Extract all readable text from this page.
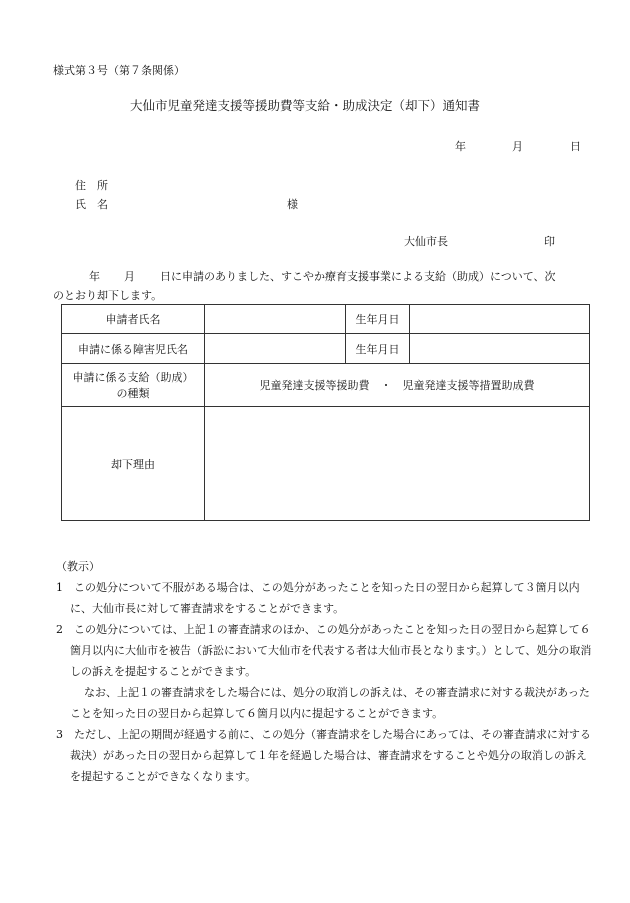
様式第３号（第７条関係）
大仙市児童発達支援等援助費等支給・助成決定（却下）通知書
年	月	日
住　所
氏　名	様
大仙市長	印
年 月 日に申請のありました、すこやか療育支援事業による支給（助成）について、次
のとおり却下します。
申請者氏名		生年月日	
申請に係る障害児氏名		生年月日	

申請に係る支給（助成）
の種類	児童発達支援等援助費　・　児童発達支援等措置助成費		
却下理由			
（教示）
1　この処分について不服がある場合は、この処分があったことを知った日の翌日から起算して３箇月以内に、大仙市長に対して審査請求をすることができます。
2　この処分については、上記１の審査請求のほか、この処分があったことを知った日の翌日から起算して６箇月以内に大仙市を被告（訴訟において大仙市を代表する者は大仙市長となります。）として、処分の取消しの訴えを提起することができます。
なお、上記１の審査請求をした場合には、処分の取消しの訴えは、その審査請求に対する裁決があったことを知った日の翌日から起算して６箇月以内に提起することができます。
3　ただし、上記の期間が経過する前に、この処分（審査請求をした場合にあっては、その審査請求に対する裁決）があった日の翌日から起算して１年を経過した場合は、審査請求をすることや処分の取消しの訴えを提起することができなくなります。
